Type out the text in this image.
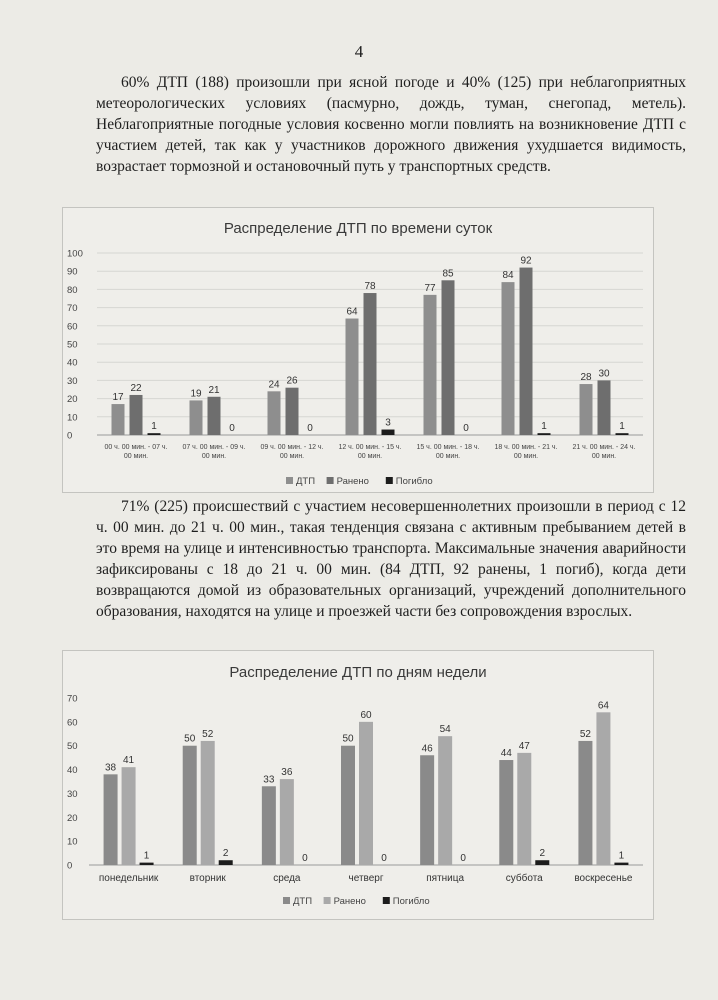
4

60% ДТП (188) произошли при ясной погоде и 40% (125) при неблагоприятных метеорологических условиях (пасмурно, дождь, туман, снегопад, метель). Неблагоприятные погодные условия косвенно могли повлиять на возникновение ДТП с участием детей, так как у участников дорожного движения ухудшается видимость, возрастает тормозной и остановочный путь у транспортных средств.

Распределение ДТП по времени суток
0
10
20
30
40
50
60
70
80
90
100
17
22
1
00 ч. 00 мин. - 07 ч.
00 мин.
19 21
0
07 ч. 00 мин. - 09 ч.
00 мин.
24 26
0
09 ч. 00 мин. - 12 ч.
00 мин.
64
78
3
12 ч. 00 мин. - 15 ч.
00 мин.
77
85
0
15 ч. 00 мин. - 18 ч.
00 мин.
84
92
1
18 ч. 00 мин. - 21 ч.
00 мин.
28 30
1
21 ч. 00 мин. - 24 ч.
00 мин.
ДТП Ранено	Погибло

71% (225) происшествий с участием несовершеннолетних произошли в период с 12 ч. 00 мин. до 21 ч. 00 мин., такая тенденция связана с активным пребыванием детей в это время на улице и интенсивностью транспорта. Максимальные значения аварийности зафиксированы с 18 до 21 ч. 00 мин. (84 ДТП, 92 ранены, 1 погиб), когда дети возвращаются домой из образовательных организаций, учреждений дополнительного образования, находятся на улице и проезжей части без сопровождения взрослых.

Распределение ДТП по дням недели
0
10
20
30
40
50
60
70
38
41
1
понедельник
50 52
2
вторник
33
36
0
среда
50
60
0
четверг
46
54
0
пятница
44
47
2
суббота
52
64
1
воскресенье
ДТП Ранено	Погибло
